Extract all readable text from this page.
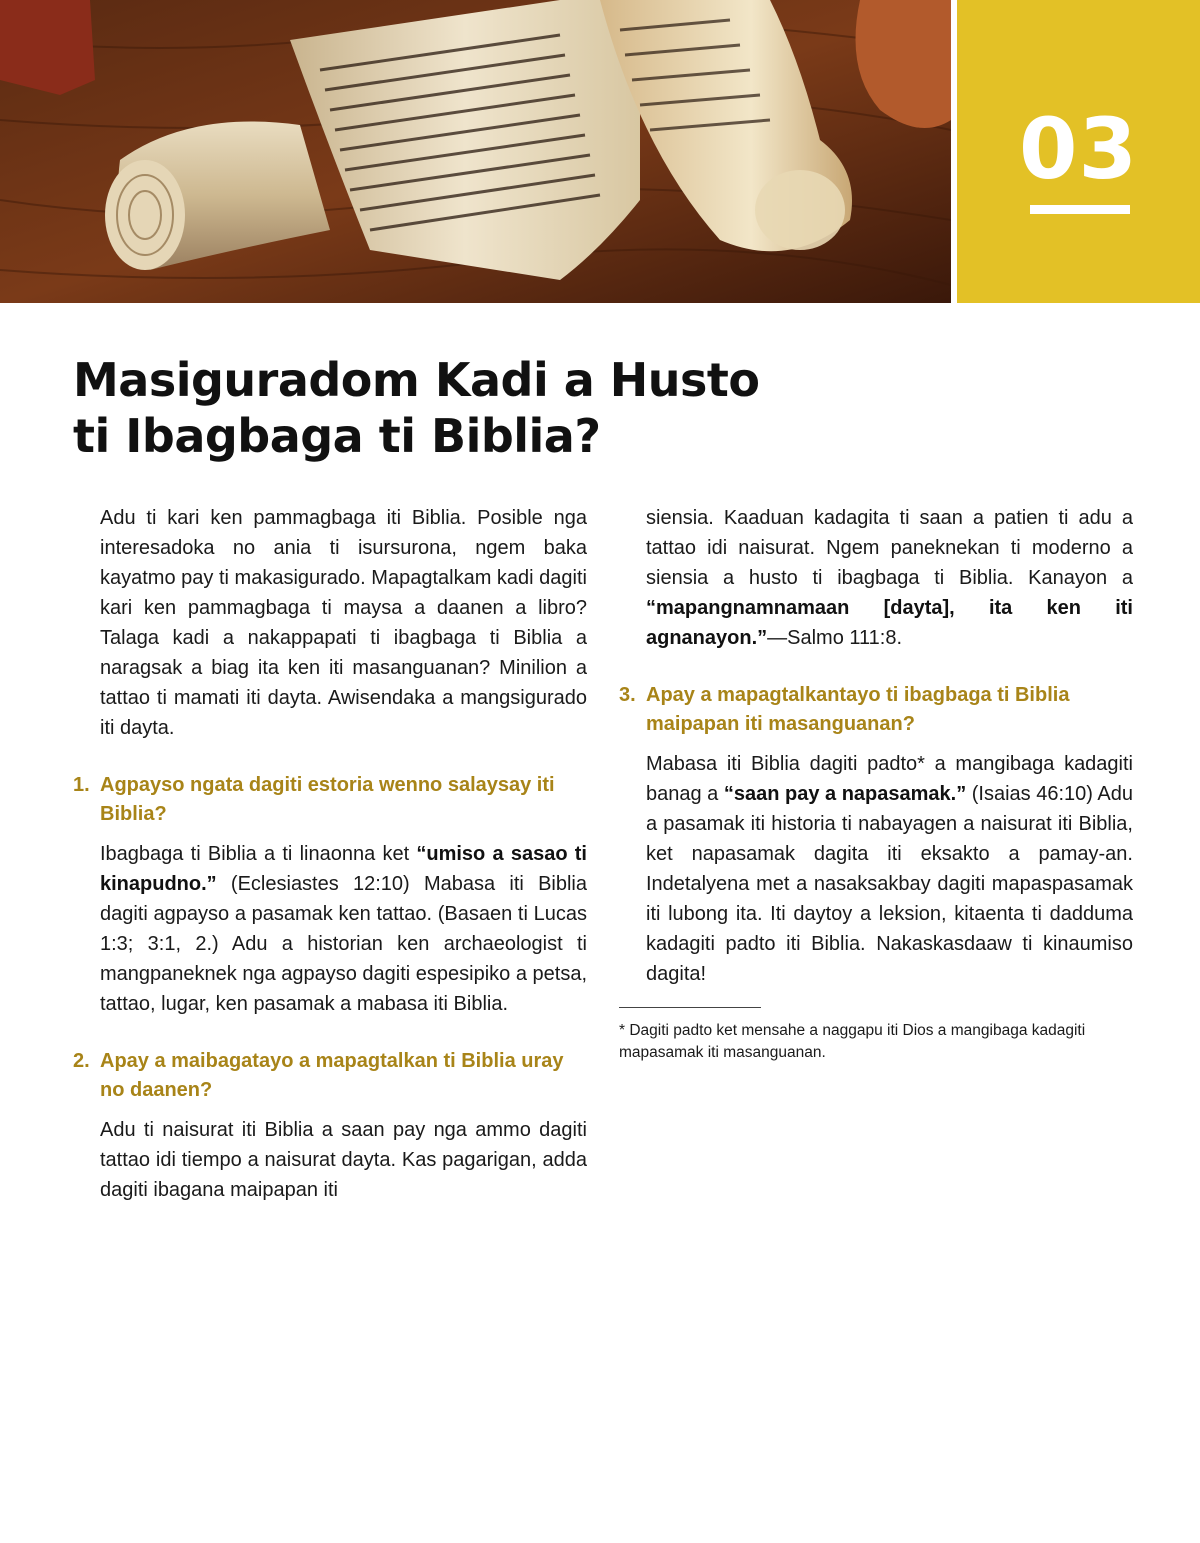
03
Masiguradom Kadi a Husto
ti Ibagbaga ti Biblia?

Adu ti kari ken pammagbaga iti Biblia. Posible nga interesadoka no ania ti isursurona, ngem baka kayatmo pay ti makasigurado. Mapagtalkam kadi dagiti kari ken pammagbaga ti maysa a daanen a libro? Talaga kadi a nakappapati ti ibagbaga ti Biblia a naragsak a biag ita ken iti masanguanan? Minilion a tattao ti mamati iti dayta. Awisendaka a mangsigurado iti dayta.

1. Agpayso ngata dagiti estoria wenno salaysay iti Biblia?

Ibagbaga ti Biblia a ti linaonna ket “umiso a sasao ti kinapudno.” (Eclesiastes 12:10) Mabasa iti Biblia dagiti agpayso a pasamak ken tattao. (Basaen ti Lucas 1:3; 3:1, 2.) Adu a historian ken archaeologist ti mangpaneknek nga agpayso dagiti espesipiko a petsa, tattao, lugar, ken pasamak a mabasa iti Biblia.

2. Apay a maibagatayo a mapagtalkan ti Biblia uray no daanen?

Adu ti naisurat iti Biblia a saan pay nga ammo dagiti tattao idi tiempo a naisurat dayta. Kas pagarigan, adda dagiti ibagana maipapan iti

siensia. Kaaduan kadagita ti saan a patien ti adu a tattao idi naisurat. Ngem paneknekan ti moderno a siensia a husto ti ibagbaga ti Biblia. Kanayon a “mapangnamnamaan [dayta], ita ken iti agnanayon.”—Salmo 111:8.

3. Apay a mapagtalkantayo ti ibagbaga ti Biblia maipapan iti masanguanan?

Mabasa iti Biblia dagiti padto* a mangibaga kadagiti banag a “saan pay a napasamak.” (Isaias 46:10) Adu a pasamak iti historia ti nabayagen a naisurat iti Biblia, ket napasamak dagita iti eksakto a pamay-an. Indetalyena met a nasaksakbay dagiti mapaspasamak iti lubong ita. Iti daytoy a leksion, kitaenta ti dadduma kadagiti padto iti Biblia. Nakaskasdaaw ti kinaumiso dagita!

* Dagiti padto ket mensahe a naggapu iti Dios a mangibaga kadagiti mapasamak iti masanguanan.
